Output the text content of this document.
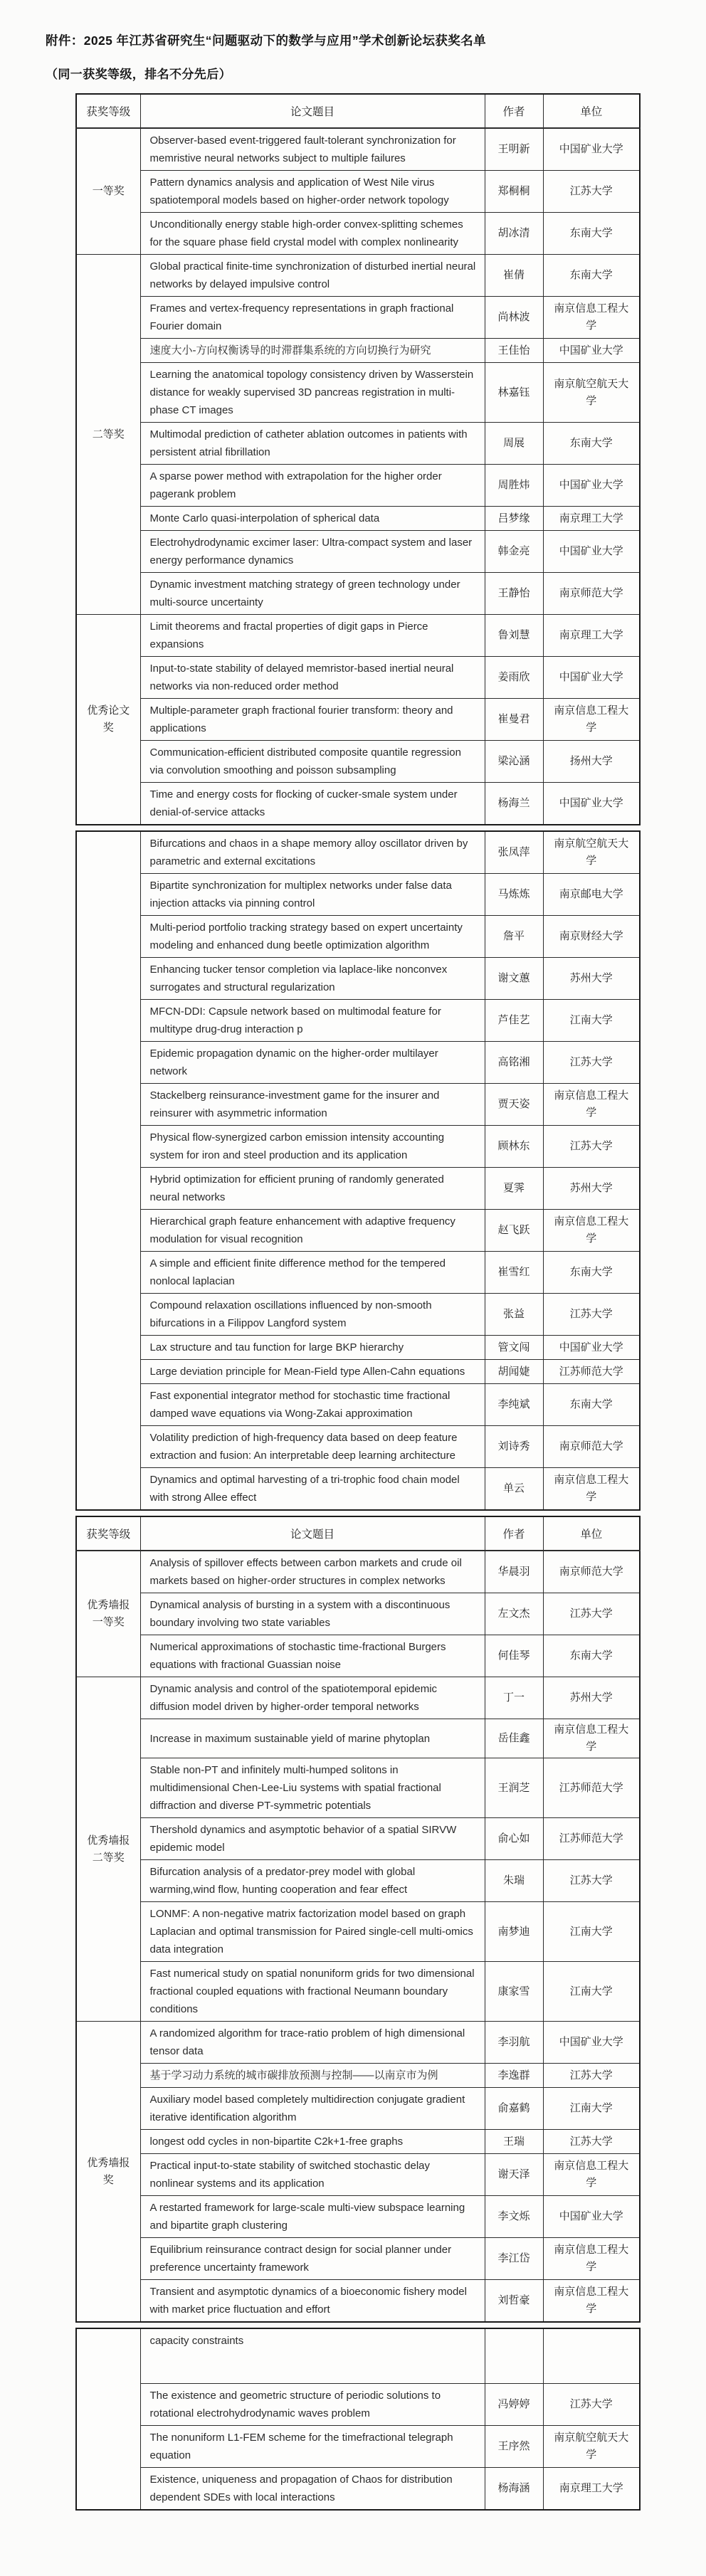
附件：2025 年江苏省研究生“问题驱动下的数学与应用”学术创新论坛获奖名单
（同一获奖等级，排名不分先后）
获奖等级	论文题目	作者	单位
一等奖	Observer-based event-triggered fault-tolerant synchronization for memristive neural networks subject to multiple failures	王明新	中国矿业大学
	Pattern dynamics analysis and application of West Nile virus spatiotemporal models based on higher-order network topology	郑桐桐	江苏大学
	Unconditionally energy stable high-order convex-splitting schemes for the square phase field crystal model with complex nonlinearity	胡冰清	东南大学
二等奖	Global practical finite-time synchronization of disturbed inertial neural networks by delayed impulsive control	崔倩	东南大学
	Frames and vertex-frequency representations in graph fractional Fourier domain	尚林波	南京信息工程大学
	速度大小-方向权衡诱导的时滞群集系统的方向切换行为研究	王佳怡	中国矿业大学
	Learning the anatomical topology consistency driven by Wasserstein distance for weakly supervised 3D pancreas registration in multi-phase CT images	林嘉钰	南京航空航天大学
	Multimodal prediction of catheter ablation outcomes in patients with persistent atrial fibrillation	周展	东南大学
	A sparse power method with extrapolation for the higher order pagerank problem	周胜炜	中国矿业大学
	Monte Carlo quasi-interpolation of spherical data	吕梦缘	南京理工大学
	Electrohydrodynamic excimer laser: Ultra-compact system and laser energy performance dynamics	韩金亮	中国矿业大学
	Dynamic investment matching strategy of green technology under multi-source uncertainty	王静怡	南京师范大学
优秀论文奖	Limit theorems and fractal properties of digit gaps in Pierce expansions	鲁刘慧	南京理工大学
	Input-to-state stability of delayed memristor-based inertial neural networks via non-reduced order method	姜雨欣	中国矿业大学
	Multiple-parameter graph fractional fourier transform: theory and applications	崔曼君	南京信息工程大学
	Communication-efficient distributed composite quantile regression via convolution smoothing and poisson subsampling	梁沁涵	扬州大学
	Time and energy costs for flocking of cucker-smale system under denial-of-service attacks	杨海兰	中国矿业大学
	Bifurcations and chaos in a shape memory alloy oscillator driven by parametric and external excitations	张凤萍	南京航空航天大学
	Bipartite synchronization for multiplex networks under false data injection attacks via pinning control	马炼炼	南京邮电大学
	Multi-period portfolio tracking strategy based on expert uncertainty modeling and enhanced dung beetle optimization algorithm	詹平	南京财经大学
	Enhancing tucker tensor completion via laplace-like nonconvex surrogates and structural regularization	谢文蕙	苏州大学
	MFCN-DDI: Capsule network based on multimodal feature for multitype drug-drug interaction p	芦佳艺	江南大学
	Epidemic propagation dynamic on the higher-order multilayer network	高铭湘	江苏大学
	Stackelberg reinsurance-investment game for the insurer and reinsurer with asymmetric information	贾天姿	南京信息工程大学
	Physical flow-synergized carbon emission intensity accounting system for iron and steel production and its application	顾林东	江苏大学
	Hybrid optimization for efficient pruning of randomly generated neural networks	夏霁	苏州大学
	Hierarchical graph feature enhancement with adaptive frequency modulation for visual recognition	赵飞跃	南京信息工程大学
	A simple and efficient finite difference method for the tempered nonlocal laplacian	崔雪红	东南大学
	Compound relaxation oscillations influenced by non-smooth bifurcations in a Filippov Langford system	张益	江苏大学
	Lax structure and tau function for large BKP hierarchy	管文闯	中国矿业大学
	Large deviation principle for Mean-Field type Allen-Cahn equations	胡闻婕	江苏师范大学
	Fast exponential integrator method for stochastic time fractional damped wave equations via Wong-Zakai approximation	李纯斌	东南大学
	Volatility prediction of high-frequency data based on deep feature extraction and fusion: An interpretable deep learning architecture	刘诗秀	南京师范大学
	Dynamics and optimal harvesting of a tri-trophic food chain model with strong Allee effect	单云	南京信息工程大学
获奖等级	论文题目	作者	单位
优秀墙报一等奖	Analysis of spillover effects between carbon markets and crude oil markets based on higher-order structures in complex networks	华晨羽	南京师范大学
	Dynamical analysis of bursting in a system with a discontinuous boundary involving two state variables	左文杰	江苏大学
	Numerical approximations of stochastic time-fractional Burgers equations with fractional Guassian noise	何佳琴	东南大学
优秀墙报二等奖	Dynamic analysis and control of the spatiotemporal epidemic diffusion model driven by higher-order temporal networks	丁一	苏州大学
	Increase in maximum sustainable yield of marine phytoplan	岳佳鑫	南京信息工程大学
	Stable non-PT and infinitely multi-humped solitons in multidimensional Chen-Lee-Liu systems with spatial fractional diffraction and diverse PT-symmetric potentials	王润芝	江苏师范大学
	Thershold dynamics and asymptotic behavior of a spatial SIRVW epidemic model	俞心如	江苏师范大学
	Bifurcation analysis of a predator-prey model with global warming,wind flow, hunting cooperation and fear effect	朱瑞	江苏大学
	LONMF: A non-negative matrix factorization model based on graph Laplacian and optimal transmission for Paired single-cell multi-omics data integration	南梦迪	江南大学
	Fast numerical study on spatial nonuniform grids for two dimensional fractional coupled equations with fractional Neumann boundary conditions	康家雪	江南大学
优秀墙报奖	A randomized algorithm for trace-ratio problem of high dimensional tensor data	李羽航	中国矿业大学
	基于学习动力系统的城市碳排放预测与控制——以南京市为例	李逸群	江苏大学
	Auxiliary model based completely multidirection conjugate gradient iterative identification algorithm	俞嘉鹤	江南大学
	longest odd cycles in non-bipartite C2k+1-free graphs	王瑞	江苏大学
	Practical input-to-state stability of switched stochastic delay nonlinear systems and its application	谢天泽	南京信息工程大学
	A restarted framework for large-scale multi-view subspace learning and bipartite graph clustering	李文烁	中国矿业大学
	Equilibrium reinsurance contract design for social planner under preference uncertainty framework	李江岱	南京信息工程大学
	Transient and asymptotic dynamics of a bioeconomic fishery model with market price fluctuation and effort	刘哲豪	南京信息工程大学
	capacity constraints		
	The existence and geometric structure of periodic solutions to rotational electrohydrodynamic waves problem	冯婷婷	江苏大学
	The nonuniform L1-FEM scheme for the timefractional telegraph equation	王序然	南京航空航天大学
	Existence, uniqueness and propagation of Chaos for distribution dependent SDEs with local interactions	杨海涵	南京理工大学
